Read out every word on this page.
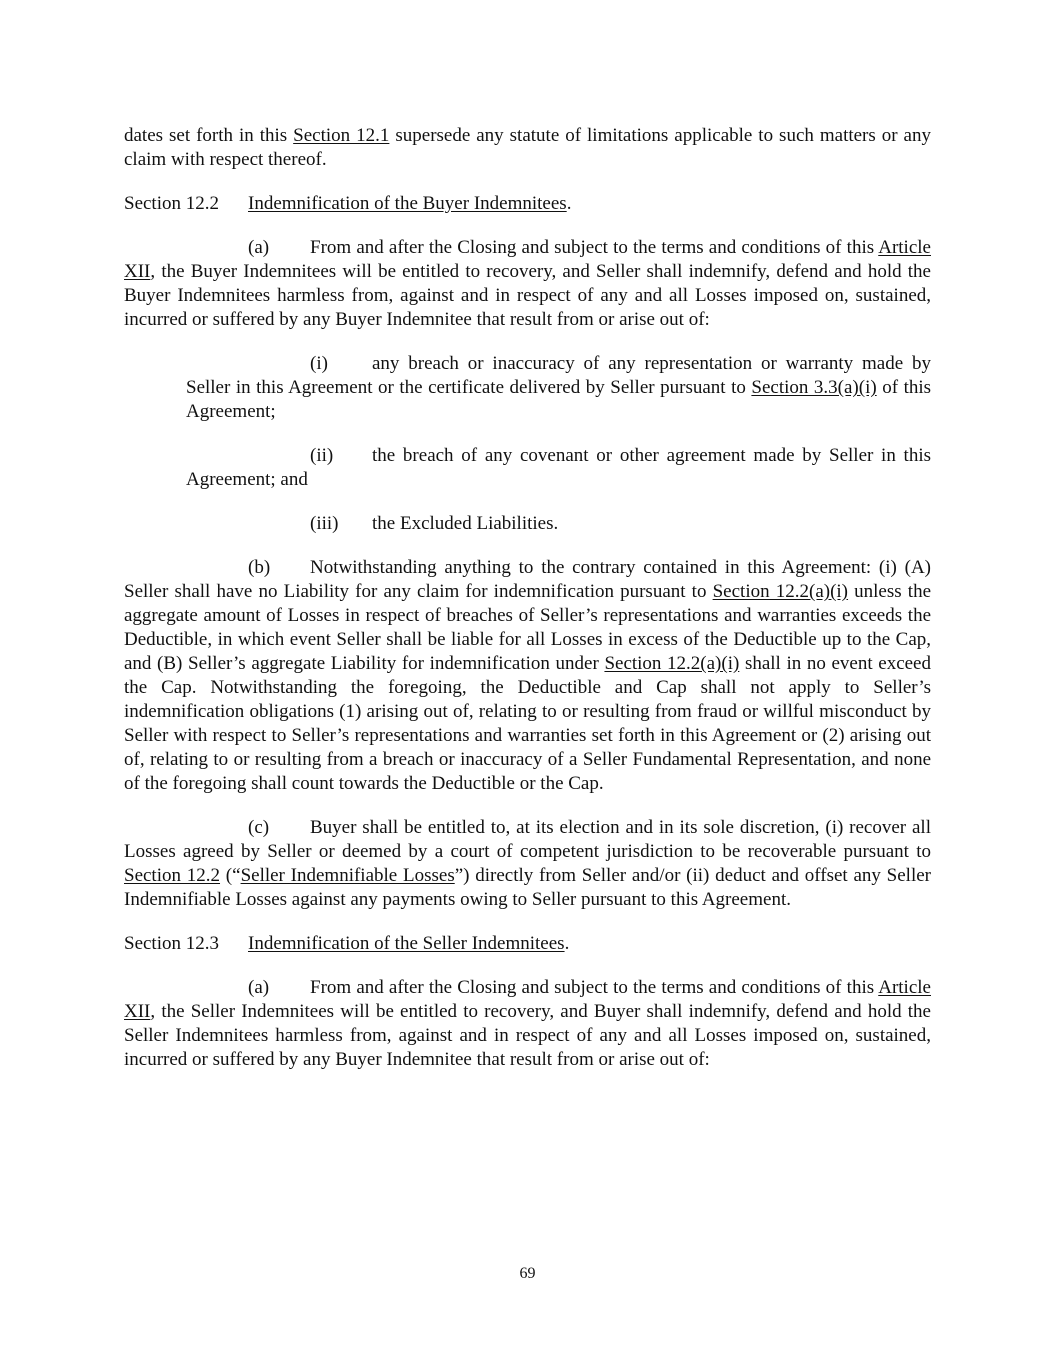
dates set forth in this Section 12.1 supersede any statute of limitations applicable to such matters or any claim with respect thereof.

Section 12.2 Indemnification of the Buyer Indemnitees.

(a) From and after the Closing and subject to the terms and conditions of this Article XII, the Buyer Indemnitees will be entitled to recovery, and Seller shall indemnify, defend and hold the Buyer Indemnitees harmless from, against and in respect of any and all Losses imposed on, sustained, incurred or suffered by any Buyer Indemnitee that result from or arise out of:

(i) any breach or inaccuracy of any representation or warranty made by Seller in this Agreement or the certificate delivered by Seller pursuant to Section 3.3(a)(i) of this Agreement;

(ii) the breach of any covenant or other agreement made by Seller in this Agreement; and

(iii) the Excluded Liabilities.

(b) Notwithstanding anything to the contrary contained in this Agreement: (i) (A) Seller shall have no Liability for any claim for indemnification pursuant to Section 12.2(a)(i) unless the aggregate amount of Losses in respect of breaches of Seller’s representations and warranties exceeds the Deductible, in which event Seller shall be liable for all Losses in excess of the Deductible up to the Cap, and (B) Seller’s aggregate Liability for indemnification under Section 12.2(a)(i) shall in no event exceed the Cap. Notwithstanding the foregoing, the Deductible and Cap shall not apply to Seller’s indemnification obligations (1) arising out of, relating to or resulting from fraud or willful misconduct by Seller with respect to Seller’s representations and warranties set forth in this Agreement or (2) arising out of, relating to or resulting from a breach or inaccuracy of a Seller Fundamental Representation, and none of the foregoing shall count towards the Deductible or the Cap.

(c) Buyer shall be entitled to, at its election and in its sole discretion, (i) recover all Losses agreed by Seller or deemed by a court of competent jurisdiction to be recoverable pursuant to Section 12.2 (“Seller Indemnifiable Losses”) directly from Seller and/or (ii) deduct and offset any Seller Indemnifiable Losses against any payments owing to Seller pursuant to this Agreement.

Section 12.3 Indemnification of the Seller Indemnitees.

(a) From and after the Closing and subject to the terms and conditions of this Article XII, the Seller Indemnitees will be entitled to recovery, and Buyer shall indemnify, defend and hold the Seller Indemnitees harmless from, against and in respect of any and all Losses imposed on, sustained, incurred or suffered by any Buyer Indemnitee that result from or arise out of:

69
